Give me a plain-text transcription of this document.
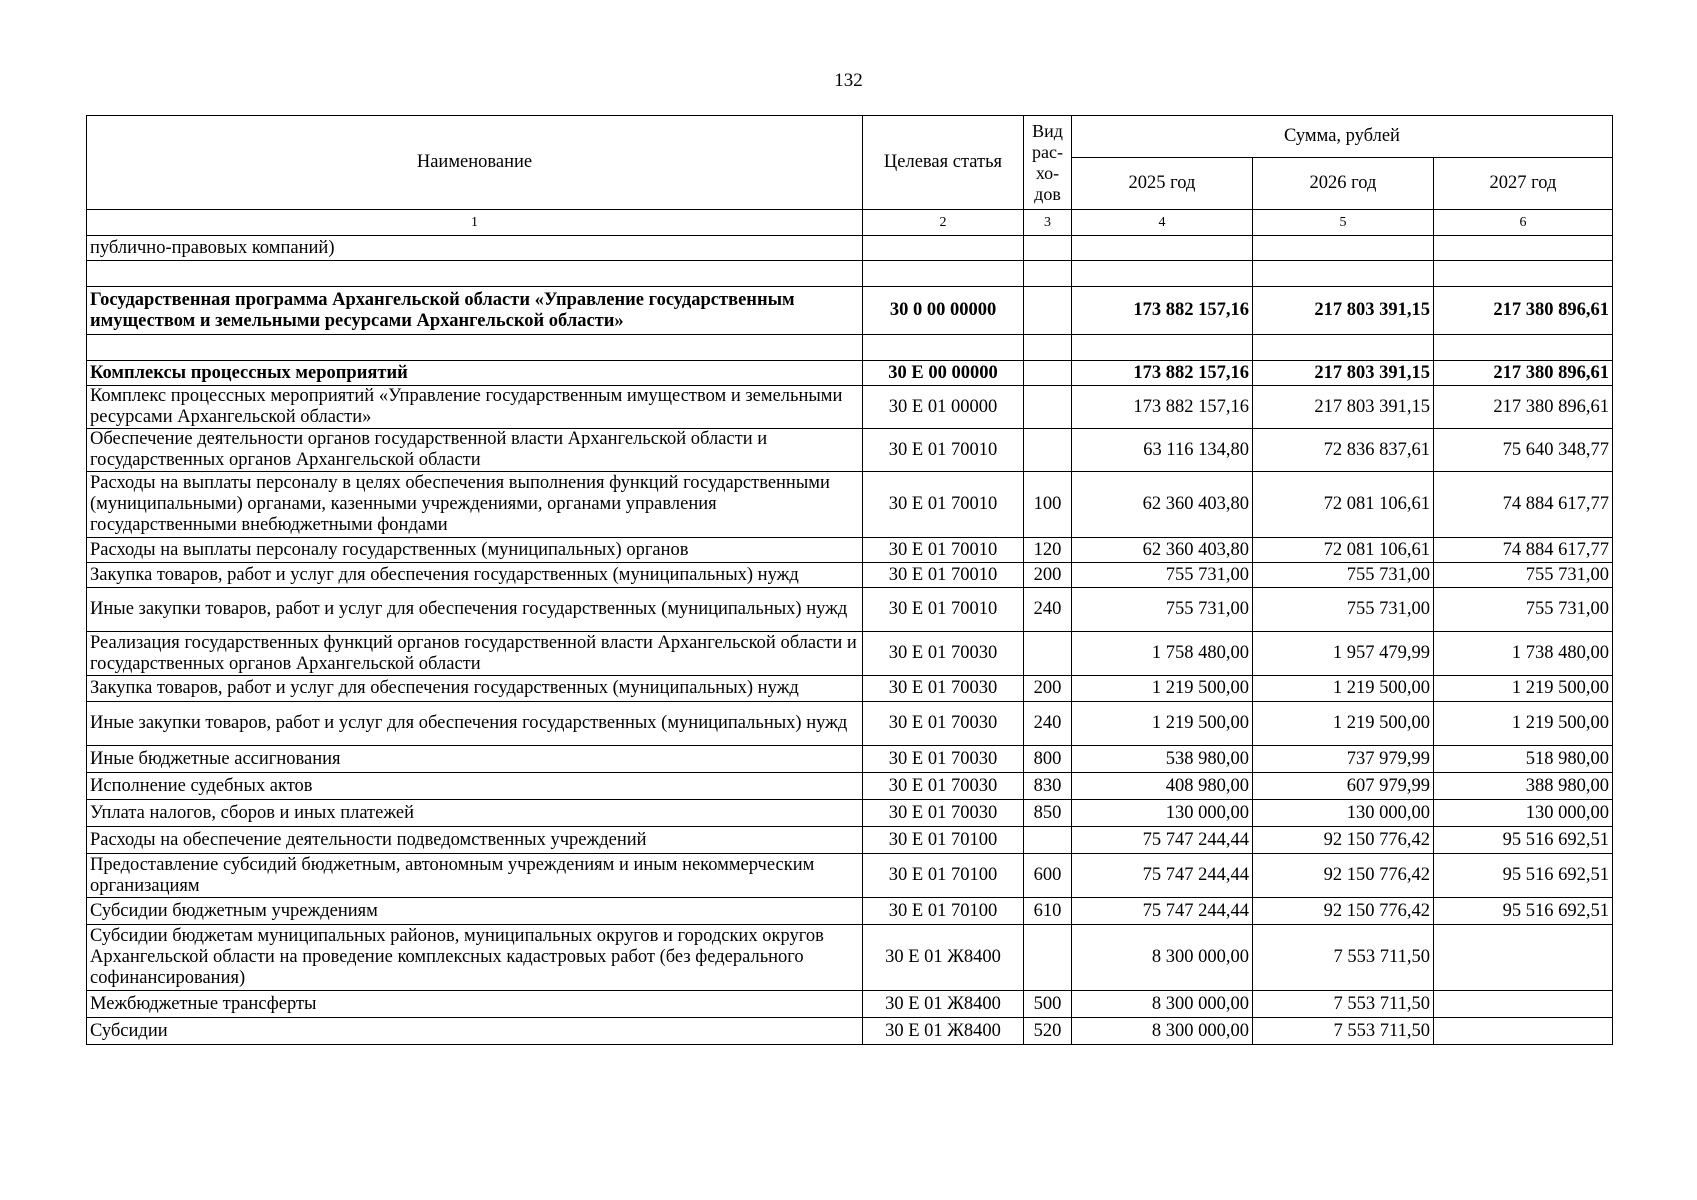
132
Наименование	Целевая статья	Вид рас-хо-дов	Сумма, рублей		
			2025 год	2026 год	2027 год
1	2	3	4	5	6
публично-правовых компаний)					

Государственная программа Архангельской области «Управление государственным имуществом и земельными ресурсами Архангельской области»	30 0 00 00000		173 882 157,16	217 803 391,15	217 380 896,61

Комплексы процессных мероприятий	30 Е 00 00000		173 882 157,16	217 803 391,15	217 380 896,61
Комплекс процессных мероприятий «Управление государственным имуществом и земельными ресурсами Архангельской области»	30 Е 01 00000		173 882 157,16	217 803 391,15	217 380 896,61
Обеспечение деятельности органов государственной власти Архангельской области и государственных органов Архангельской области	30 Е 01 70010		63 116 134,80	72 836 837,61	75 640 348,77
Расходы на выплаты персоналу в целях обеспечения выполнения функций государственными (муниципальными) органами, казенными учреждениями, органами управления государственными внебюджетными фондами	30 Е 01 70010	100	62 360 403,80	72 081 106,61	74 884 617,77
Расходы на выплаты персоналу государственных (муниципальных) органов	30 Е 01 70010	120	62 360 403,80	72 081 106,61	74 884 617,77
Закупка товаров, работ и услуг для обеспечения государственных (муниципальных) нужд	30 Е 01 70010	200	755 731,00	755 731,00	755 731,00
Иные закупки товаров, работ и услуг для обеспечения государственных (муниципальных) нужд	30 Е 01 70010	240	755 731,00	755 731,00	755 731,00
Реализация государственных функций органов государственной власти Архангельской области и государственных органов Архангельской области	30 Е 01 70030		1 758 480,00	1 957 479,99	1 738 480,00
Закупка товаров, работ и услуг для обеспечения государственных (муниципальных) нужд	30 Е 01 70030	200	1 219 500,00	1 219 500,00	1 219 500,00
Иные закупки товаров, работ и услуг для обеспечения государственных (муниципальных) нужд	30 Е 01 70030	240	1 219 500,00	1 219 500,00	1 219 500,00
Иные бюджетные ассигнования	30 Е 01 70030	800	538 980,00	737 979,99	518 980,00
Исполнение судебных актов	30 Е 01 70030	830	408 980,00	607 979,99	388 980,00
Уплата налогов, сборов и иных платежей	30 Е 01 70030	850	130 000,00	130 000,00	130 000,00
Расходы на обеспечение деятельности подведомственных учреждений	30 Е 01 70100		75 747 244,44	92 150 776,42	95 516 692,51
Предоставление субсидий бюджетным, автономным учреждениям и иным некоммерческим организациям	30 Е 01 70100	600	75 747 244,44	92 150 776,42	95 516 692,51
Субсидии бюджетным учреждениям	30 Е 01 70100	610	75 747 244,44	92 150 776,42	95 516 692,51
Субсидии бюджетам муниципальных районов, муниципальных округов и городских округов Архангельской области на проведение комплексных кадастровых работ (без федерального софинансирования)	30 Е 01 Ж8400		8 300 000,00	7 553 711,50	
Межбюджетные трансферты	30 Е 01 Ж8400	500	8 300 000,00	7 553 711,50	
Субсидии	30 Е 01 Ж8400	520	8 300 000,00	7 553 711,50	
